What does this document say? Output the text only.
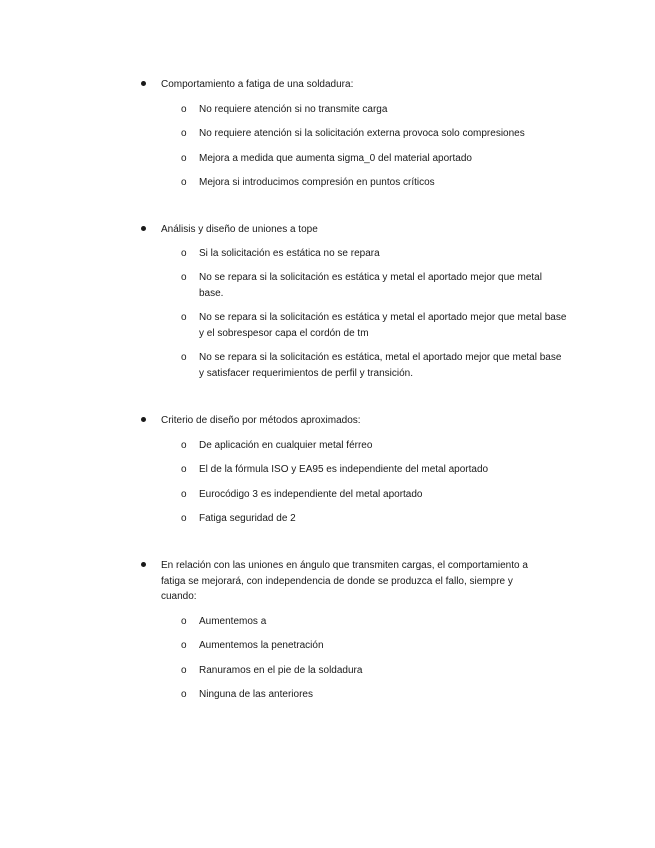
Comportamiento a fatiga de una soldadura:
o No requiere atención si no transmite carga
o No requiere atención si la solicitación externa provoca solo compresiones
o Mejora a medida que aumenta sigma_0 del material aportado
o Mejora si introducimos compresión en puntos críticos
Análisis y diseño de uniones a tope
o Si la solicitación es estática no se repara
o No se repara si la solicitación es estática y metal el aportado mejor que metal base.
o No se repara si la solicitación es estática y metal el aportado mejor que metal base y el sobrespesor capa el cordón de tm
o No se repara si la solicitación es estática, metal el aportado mejor que metal base y satisfacer requerimientos de perfil y transición.
Criterio de diseño por métodos aproximados:
o De aplicación en cualquier metal férreo
o El de la fórmula ISO y EA95 es independiente del metal aportado
o Eurocódigo 3 es independiente del metal aportado
o Fatiga seguridad de 2
En relación con las uniones en ángulo que transmiten cargas, el comportamiento a fatiga se mejorará, con independencia de donde se produzca el fallo, siempre y cuando:
o Aumentemos a
o Aumentemos la penetración
o Ranuramos en el pie de la soldadura
o Ninguna de las anteriores
